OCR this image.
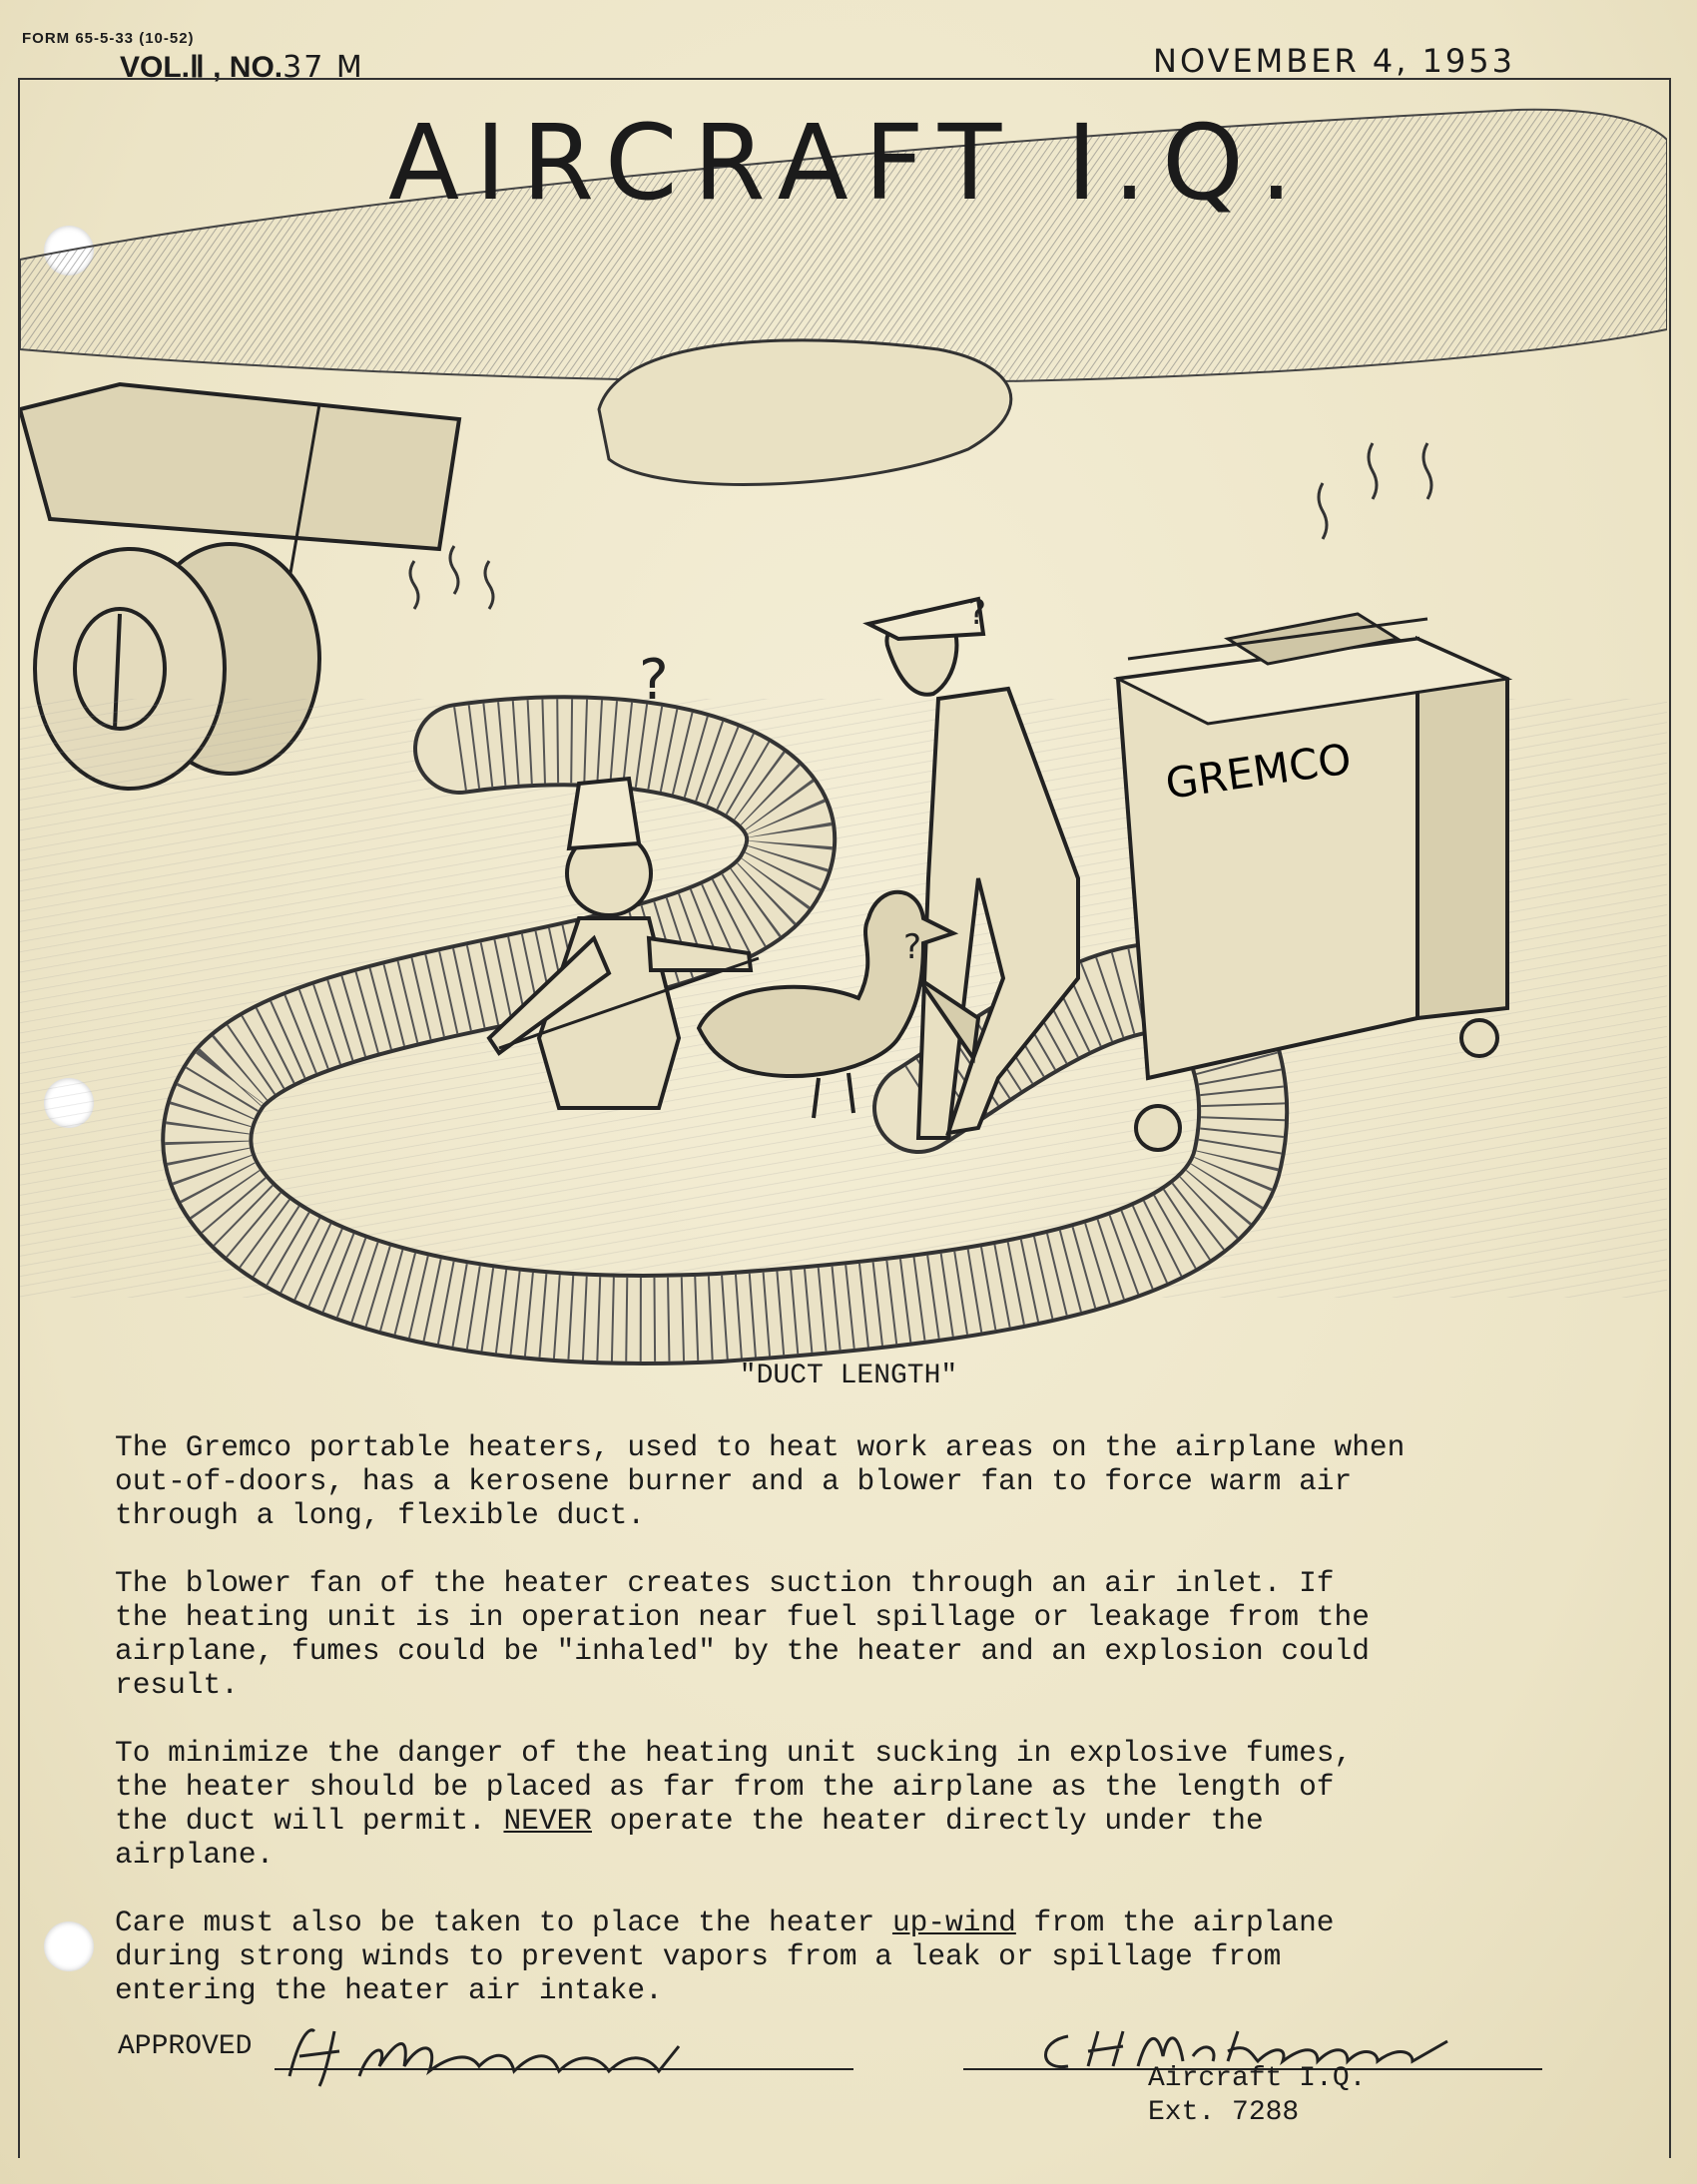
FORM 65-5-33 (10-52)
VOL.Ⅱ , NO.37 M	NOVEMBER 4, 1953
GREMCO
?
?
?
AIRCRAFT I.Q.
"DUCT LENGTH"

The Gremco portable heaters, used to heat work areas on the airplane when
out-of-doors, has a kerosene burner and a blower fan to force warm air
through a long, flexible duct.

The blower fan of the heater creates suction through an air inlet. If
the heating unit is in operation near fuel spillage or leakage from the
airplane, fumes could be "inhaled" by the heater and an explosion could
result.

To minimize the danger of the heating unit sucking in explosive fumes,
the heater should be placed as far from the airplane as the length of
the duct will permit. NEVER operate the heater directly under the
airplane.

Care must also be taken to place the heater up-wind from the airplane
during strong winds to prevent vapors from a leak or spillage from
entering the heater air intake.

APPROVED
Aircraft I.Q.
Ext. 7288
